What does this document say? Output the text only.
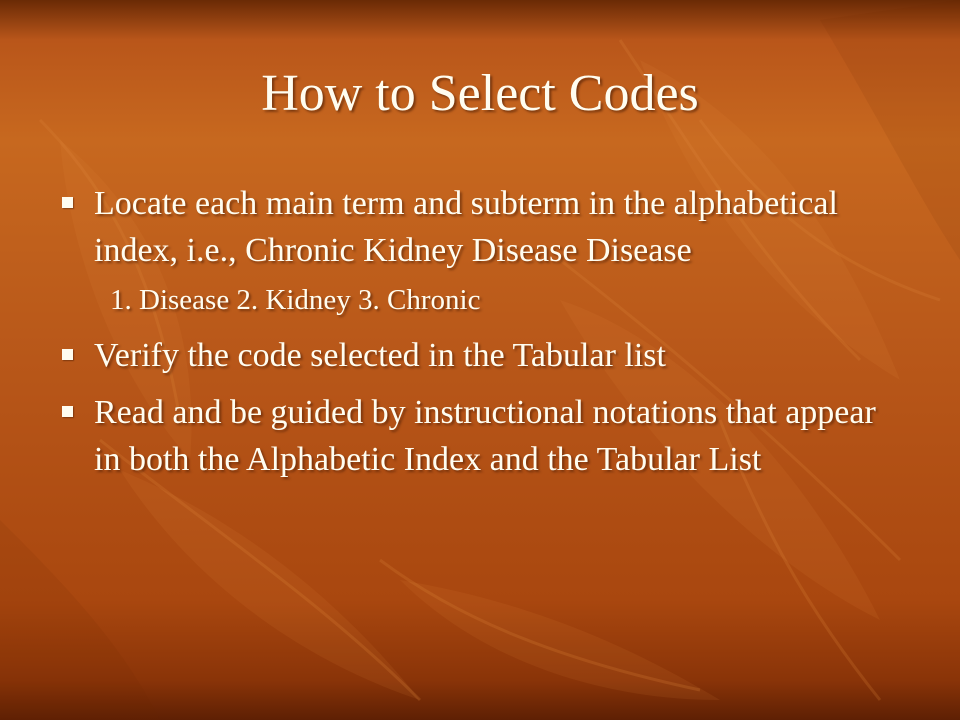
How to Select Codes
Locate each main term and subterm in the alphabetical index, i.e., Chronic Kidney Disease Disease
1. Disease 2. Kidney 3. Chronic
Verify the code selected in the Tabular list
Read and be guided by instructional notations that appear in both the Alphabetic Index and the Tabular List
